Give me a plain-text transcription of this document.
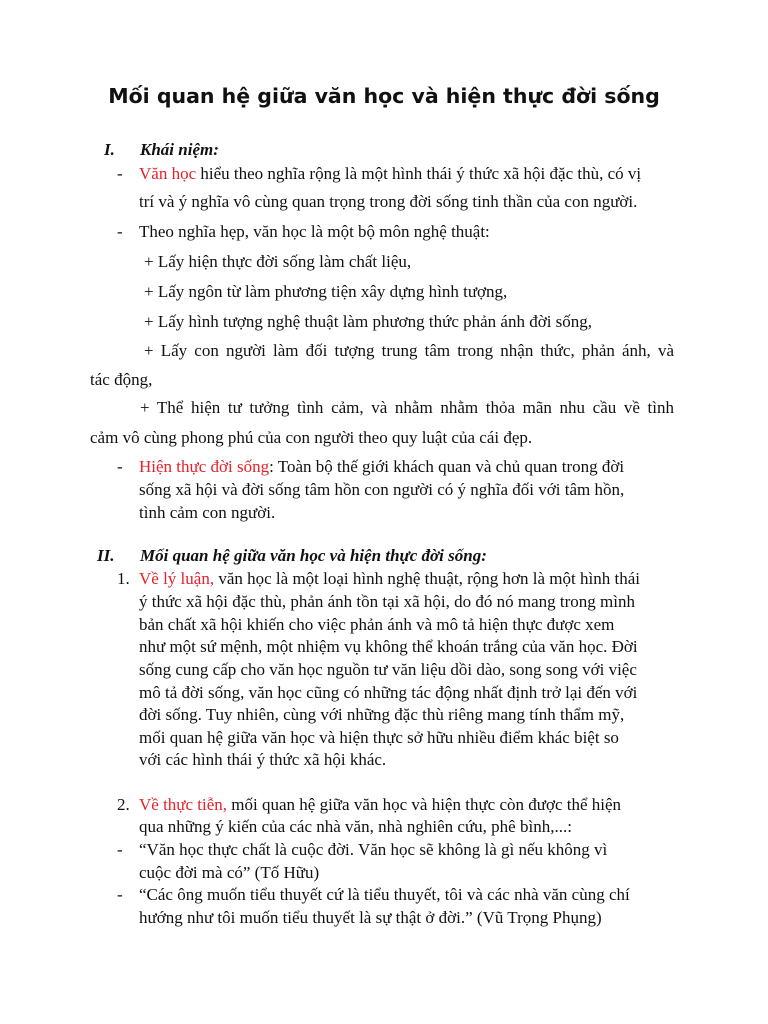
Mối quan hệ giữa văn học và hiện thực đời sống
I. Khái niệm:
- Văn học hiểu theo nghĩa rộng là một hình thái ý thức xã hội đặc thù, có vị
trí và ý nghĩa vô cùng quan trọng trong đời sống tinh thần của con người.
- Theo nghĩa hẹp, văn học là một bộ môn nghệ thuật:
+ Lấy hiện thực đời sống làm chất liệu,
+ Lấy ngôn từ làm phương tiện xây dựng hình tượng,
+ Lấy hình tượng nghệ thuật làm phương thức phản ánh đời sống,
+ Lấy con người làm đối tượng trung tâm trong nhận thức, phản ánh, và
tác động,
+ Thể hiện tư tưởng tình cảm, và nhằm nhằm thỏa mãn nhu cầu về tình
cảm vô cùng phong phú của con người theo quy luật của cái đẹp.
- Hiện thực đời sống: Toàn bộ thế giới khách quan và chủ quan trong đời
sống xã hội và đời sống tâm hồn con người có ý nghĩa đối với tâm hồn,
tình cảm con người.
II. Mối quan hệ giữa văn học và hiện thực đời sống:
1. Về lý luận, văn học là một loại hình nghệ thuật, rộng hơn là một hình thái
ý thức xã hội đặc thù, phản ánh tồn tại xã hội, do đó nó mang trong mình
bản chất xã hội khiến cho việc phản ánh và mô tả hiện thực được xem
như một sứ mệnh, một nhiệm vụ không thể khoán trắng của văn học. Đời
sống cung cấp cho văn học nguồn tư văn liệu dồi dào, song song với việc
mô tả đời sống, văn học cũng có những tác động nhất định trở lại đến với
đời sống. Tuy nhiên, cùng với những đặc thù riêng mang tính thẩm mỹ,
mối quan hệ giữa văn học và hiện thực sở hữu nhiều điểm khác biệt so
với các hình thái ý thức xã hội khác.
2. Về thực tiễn, mối quan hệ giữa văn học và hiện thực còn được thể hiện
qua những ý kiến của các nhà văn, nhà nghiên cứu, phê bình,...:
- “Văn học thực chất là cuộc đời. Văn học sẽ không là gì nếu không vì
cuộc đời mà có” (Tố Hữu)
- “Các ông muốn tiểu thuyết cứ là tiểu thuyết, tôi và các nhà văn cùng chí
hướng như tôi muốn tiểu thuyết là sự thật ở đời.” (Vũ Trọng Phụng)
